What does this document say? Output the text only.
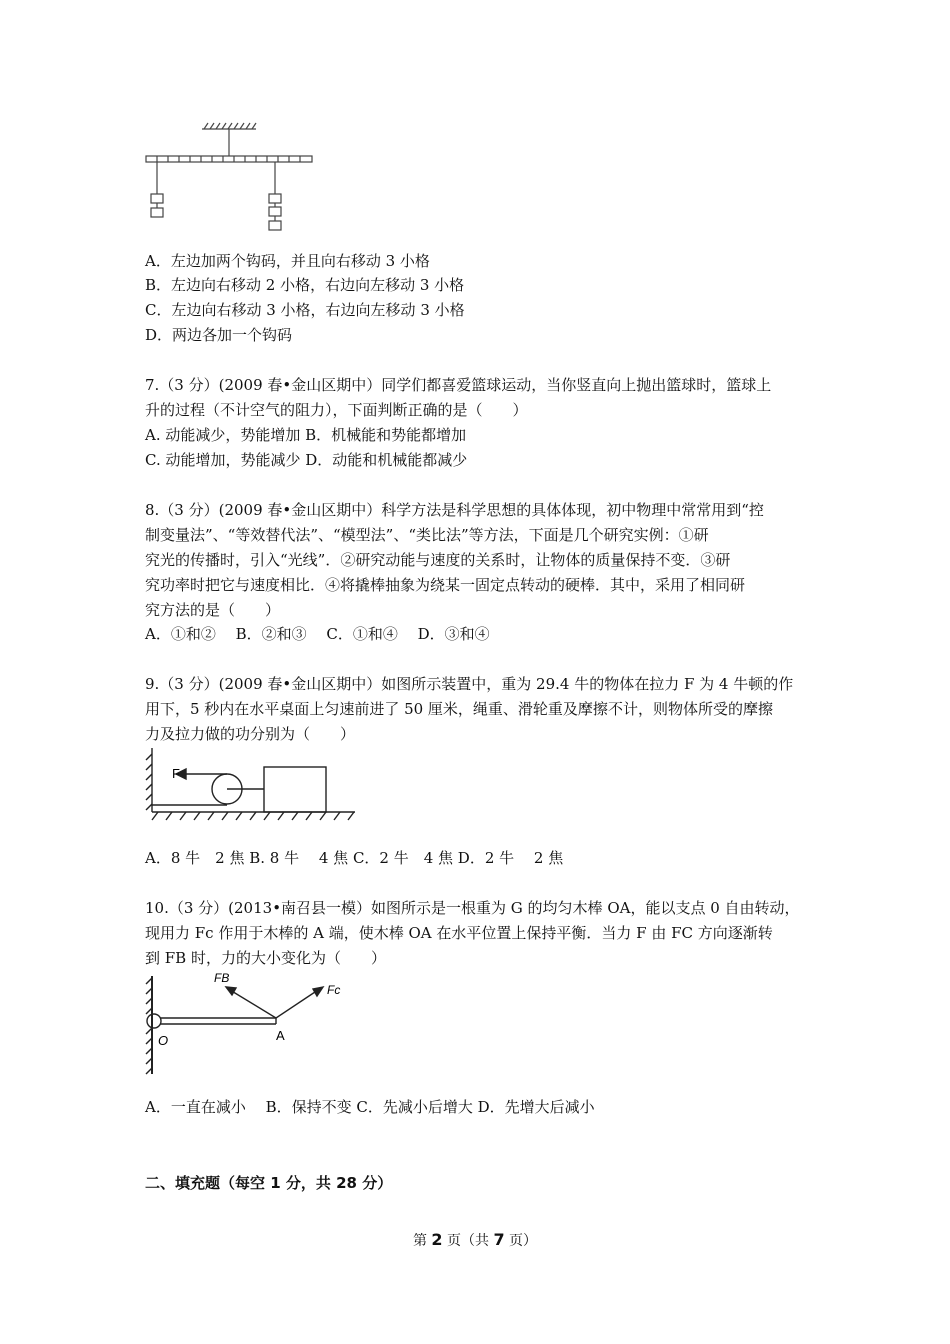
A．左边加两个钩码，并且向右移动 3 小格
B．左边向右移动 2 小格，右边向左移动 3 小格
C．左边向右移动 3 小格，右边向左移动 3 小格
D．两边各加一个钩码
7.（3 分）(2009 春•金山区期中）同学们都喜爱篮球运动，当你竖直向上抛出篮球时，篮球上
升的过程（不计空气的阻力），下面判断正确的是（　　）
A. 动能减少，势能增加 B．机械能和势能都增加
C. 动能增加，势能减少 D．动能和机械能都减少
8.（3 分）(2009 春•金山区期中）科学方法是科学思想的具体体现，初中物理中常常用到“控
制变量法”、“等效替代法”、“模型法”、“类比法”等方法，下面是几个研究实例：①研
究光的传播时，引入“光线”．②研究动能与速度的关系时，让物体的质量保持不变．③研
究功率时把它与速度相比．④将撬棒抽象为绕某一固定点转动的硬棒．其中，采用了相同研
究方法的是（　　）
A．①和②　 B．②和③　 C．①和④　 D．③和④
9.（3 分）(2009 春•金山区期中）如图所示装置中，重为 29.4 牛的物体在拉力 F 为 4 牛顿的作
用下，5 秒内在水平桌面上匀速前进了 50 厘米，绳重、滑轮重及摩擦不计，则物体所受的摩擦
力及拉力做的功分别为（　　）
F
A．8 牛　2 焦 B. 8 牛　 4 焦 C．2 牛　4 焦 D．2 牛　 2 焦
10.（3 分）(2013•南召县一模）如图所示是一根重为 G 的均匀木棒 OA，能以支点 0 自由转动，
现用力 Fc 作用于木棒的 A 端，使木棒 OA 在水平位置上保持平衡．当力 F 由 FC 方向逐渐转
到 FB 时，力的大小变化为（　　）
FB
Fc
O	A
A．一直在减小　 B．保持不变 C．先减小后增大 D．先增大后减小
二、填充题（每空 1 分，共 28 分）
第 2 页（共 7 页）
